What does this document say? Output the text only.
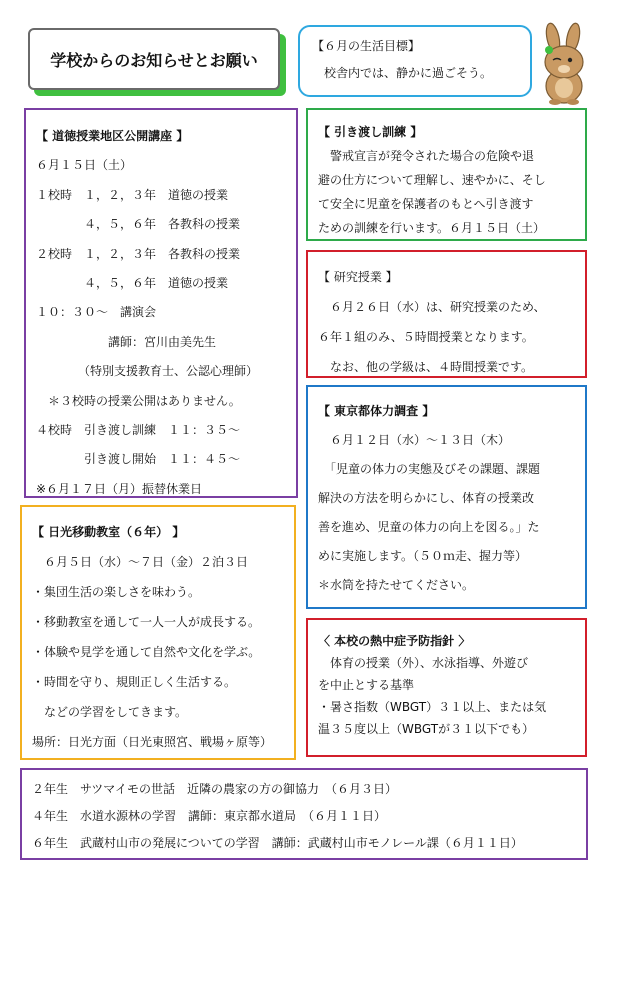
学校からのお知らせとお願い
【６月の生活目標】
校舎内では、静かに過ごそう。
【 道徳授業地区公開講座 】
６月１５日（土）
１校時　１，２，３年　道徳の授業
　　　　４，５，６年　各教科の授業
２校時　１，２，３年　各教科の授業
　　　　４，５，６年　道徳の授業
１０：３０～　講演会
　　　　　　講師：宮川由美先生
　　　　（特別支援教育士、公認心理師）
　＊３校時の授業公開はありません。
４校時　引き渡し訓練　１１：３５～
　　　　引き渡し開始　１１：４５～
※６月１７日（月）振替休業日
【 引き渡し訓練 】
　警戒宣言が発令された場合の危険や退
避の仕方について理解し、速やかに、そし
て安全に児童を保護者のもとへ引き渡す
ための訓練を行います。６月１５日（土）
【 研究授業 】
　６月２６日（水）は、研究授業のため、
６年１組のみ、５時間授業となります。
　なお、他の学級は、４時間授業です。
【 東京都体力調査 】
　６月１２日（水）～１３日（木）
　「児童の体力の実態及びその課題、課題
解決の方法を明らかにし、体育の授業改
善を進め、児童の体力の向上を図る。」た
めに実施します。（５０ｍ走、握力等）
＊水筒を持たせてください。
【 日光移動教室（６年） 】
　６月５日（水）～７日（金）２泊３日
・集団生活の楽しさを味わう。
・移動教室を通して一人一人が成長する。
・体験や見学を通して自然や文化を学ぶ。
・時間を守り、規則正しく生活する。
　などの学習をしてきます。
場所：日光方面（日光東照宮、戦場ヶ原等）
〈 本校の熱中症予防指針 〉
　体育の授業（外）、水泳指導、外遊び
を中止とする基準
・暑さ指数（WBGT）３１以上、または気
温３５度以上（WBGTが３１以下でも）
２年生　サツマイモの世話　近隣の農家の方の御協力　（６月３日）
４年生　水道水源林の学習　講師：東京都水道局　（６月１１日）
６年生　武蔵村山市の発展についての学習　講師：武蔵村山市モノレール課（６月１１日）
